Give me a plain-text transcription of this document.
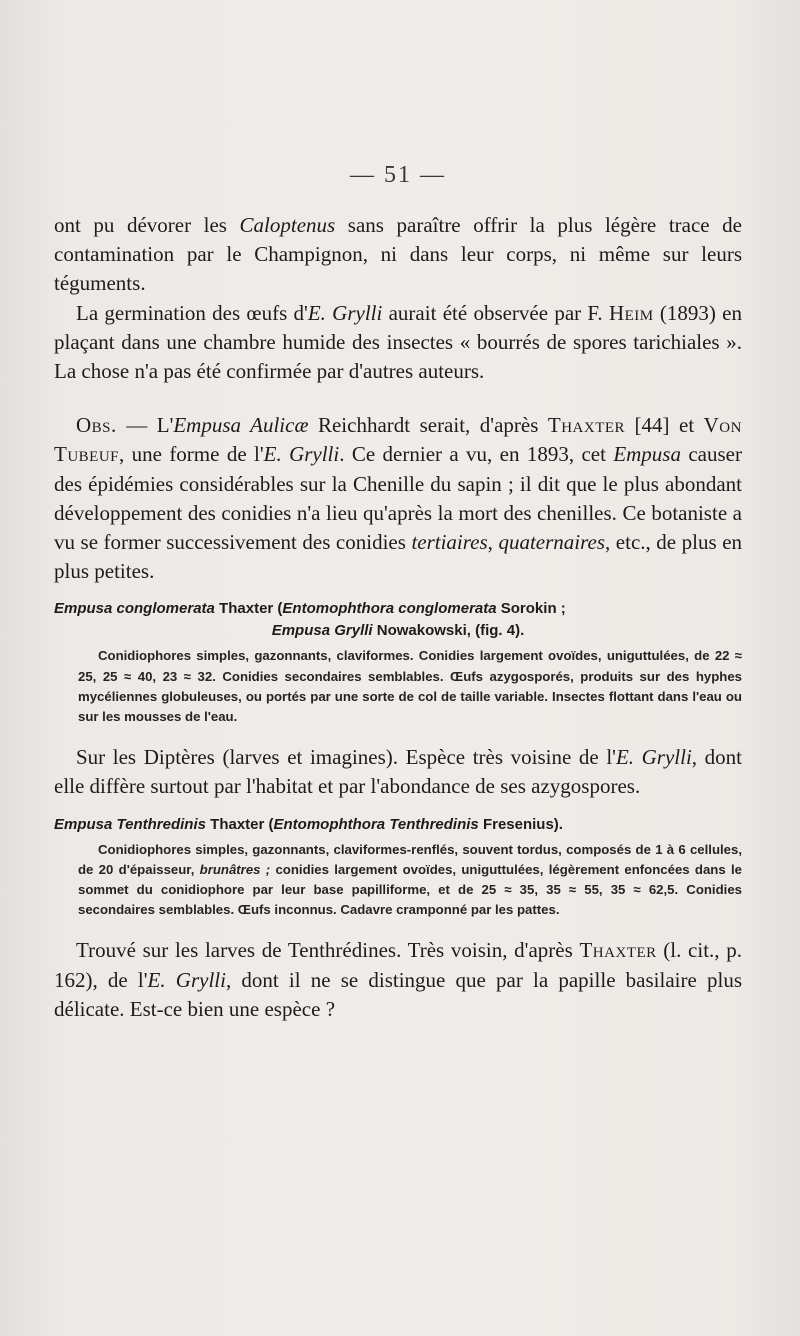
— 51 —

ont pu dévorer les Caloptenus sans paraître offrir la plus légère trace de contamination par le Champignon, ni dans leur corps, ni même sur leurs téguments.

La germination des œufs d'E. Grylli aurait été observée par F. Heim (1893) en plaçant dans une chambre humide des insectes « bourrés de spores tarichiales ». La chose n'a pas été confirmée par d'autres auteurs.

Obs. — L'Empusa Aulicæ Reichhardt serait, d'après Thaxter [44] et Von Tubeuf, une forme de l'E. Grylli. Ce dernier a vu, en 1893, cet Empusa causer des épidémies considérables sur la Chenille du sapin ; il dit que le plus abondant développement des conidies n'a lieu qu'après la mort des chenilles. Ce botaniste a vu se former successivement des conidies tertiaires, quaternaires, etc., de plus en plus petites.

Empusa conglomerata Thaxter (Entomophthora conglomerata Sorokin ;
Empusa Grylli Nowakowski, (fig. 4).

Conidiophores simples, gazonnants, claviformes. Conidies largement ovoïdes, uniguttulées, de 22 ≈ 25, 25 ≈ 40, 23 ≈ 32. Conidies secondaires semblables. Œufs azygosporés, produits sur des hyphes mycéliennes globuleuses, ou portés par une sorte de col de taille variable. Insectes flottant dans l'eau ou sur les mousses de l'eau.

Sur les Diptères (larves et imagines). Espèce très voisine de l'E. Grylli, dont elle diffère surtout par l'habitat et par l'abondance de ses azygospores.

Empusa Tenthredinis Thaxter (Entomophthora Tenthredinis Fresenius).

Conidiophores simples, gazonnants, claviformes-renflés, souvent tordus, composés de 1 à 6 cellules, de 20 d'épaisseur, brunâtres ; conidies largement ovoïdes, uniguttulées, légèrement enfoncées dans le sommet du conidiophore par leur base papilliforme, et de 25 ≈ 35, 35 ≈ 55, 35 ≈ 62,5. Conidies secondaires semblables. Œufs inconnus. Cadavre cramponné par les pattes.

Trouvé sur les larves de Tenthrédines. Très voisin, d'après Thaxter (l. cit., p. 162), de l'E. Grylli, dont il ne se distingue que par la papille basilaire plus délicate. Est-ce bien une espèce ?
